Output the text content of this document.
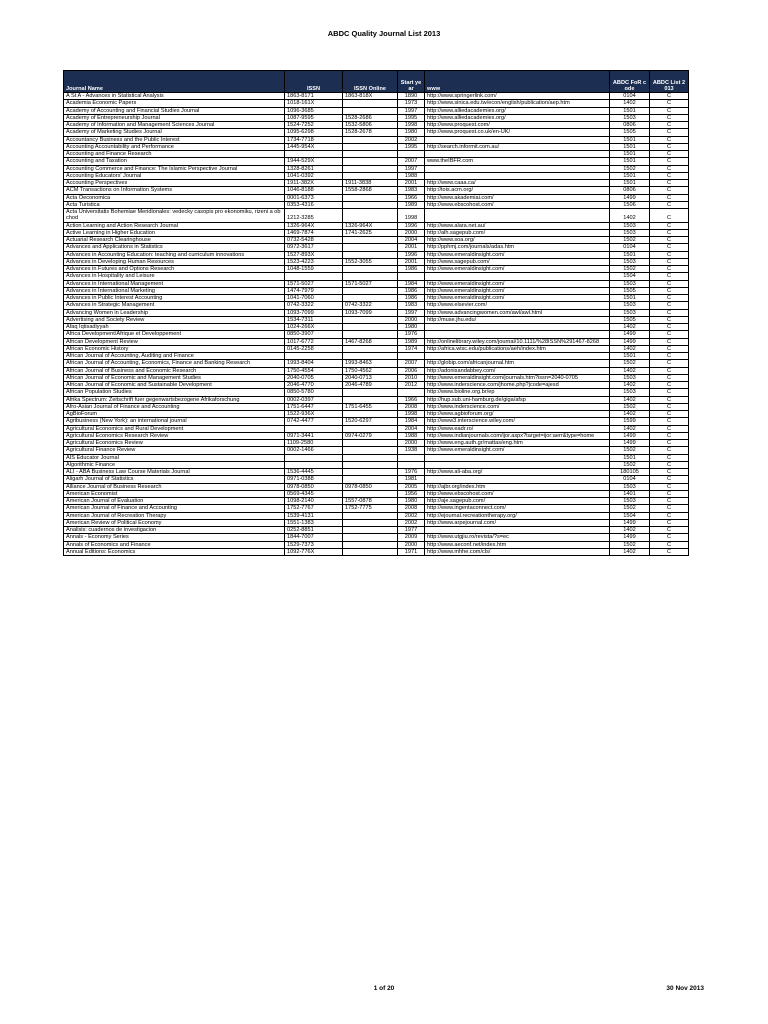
ABDC Quality Journal List 2013
Journal Name	ISSN	ISSN Online	Start year	www	ABDC FoR code	ABDC List 2013
A St A - Advances in Statistical Analysis	1863-8171	1863-818X	1890	http://www.springerlink.com/	0104	C
Academia Economic Papers	1018-161X		1973	http://www.sinica.edu.tw/econ/english/publication/aep.htm	1402	C
Academy of Accounting and Financial Studies Journal	1096-3685		1997	http://www.alliedacademies.org/	1501	C
Academy of Entrepreneurship Journal	1087-9595	1528-2686	1995	http://www.alliedacademies.org/	1503	C
Academy of Information and Management Sciences Journal	1524-7252	1532-5806	1998	http://www.proquest.com/	0806	C
Academy of Marketing Studies Journal	1095-6298	1528-2678	1980	http://www.proquest.co.uk/en-UK/	1505	C
Accountancy Business and the Public Interest	1734-7718		2002		1501	C
Accounting Accountability and Performance	1445-954X		1995	http://search.informit.com.au/	1501	C
Accounting and Finance Research					1501	C
Accounting and Taxation	1944-529X		2007	www.theIBFR.com	1501	C
Accounting Commerce and Finance: The Islamic Perspective Journal	1328-8261		1997		1502	C
Accounting Educators' Journal	1041-0392		1988		1501	C
Accounting Perspectives	1911-382X	1911-3838	2001	http://www.caaa.ca/	1501	C
ACM Transactions on Information Systems	1046-8188	1558-2868	1983	http://tois.acm.org/	0806	C
Acta Oeconomica	0001-6373		1966	http://www.akademiai.com/	1499	C
Acta Turistica	0353-4316		1989	http://www.ebscohost.com/	1506	C
Acta Universitatis Bohemiae Meridionales: vedecky casopis pro ekonomiku, rizeni a obchod	1212-3285		1998		1402	C
Action Learning and Action Research Journal	1326-964X	1326-964X	1996	http://www.alara.net.au/	1503	C
Active Learning in Higher Education	1469-7874	1741-2625	2000	http://alh.sagepub.com/	1503	C
Actuarial Research Clearinghouse	0732-5428		2004	http://www.soa.org/	1502	C
Advances and Applications in Statistics	0972-3617		2001	http://pphmj.com/journals/adas.htm	0104	C
Advances in Accounting Education: teaching and curriculum innovations	1527-893X		1996	http://www.emeraldinsight.com/	1501	C
Advances in Developing Human Resources	1523-4223	1552-3055	2001	http://www.sagepub.com/	1503	C
Advances in Futures and Options Research	1048-1559		1986	http://www.emeraldinsight.com/	1502	C
Advances in Hospitality and Leisure					1504	C
Advances in International Management	1571-5027	1571-5027	1984	http://www.emeraldinsight.com/	1503	C
Advances in International Marketing	1474-7979		1986	http://www.emeraldinsight.com/	1505	C
Advances in Public Interest Accounting	1041-7060		1986	http://www.emeraldinsight.com/	1501	C
Advances in Strategic Management	0742-3322	0742-3322	1983	http://www.elsevier.com/	1503	C
Advancing Women in Leadership	1093-7099	1093-7099	1997	http://www.advancingwomen.com/awl/awl.html	1503	C
Advertising and Society Review	1534-7311		2000	http://muse.jhu.edu/	1505	C
Afaq Iqtisadiyyah	1024-266X		1980		1402	C
Africa Development/Afrique et Developpement	0850-3907		1976		1499	C
African Development Review	1017-6772	1467-8268	1989	http://onlinelibrary.wiley.com/journal/10.1111/%28ISSN%291467-8268	1499	C
African Economic History	0145-2258		1974	http://africa.wisc.edu/publications/aeh/index.htm	1402	C
African Journal of Accounting, Auditing and Finance					1501	C
African Journal of Accounting, Economics, Finance and Banking Research	1993-8404	1993-8463	2007	http://globip.com/africanjournal.htm	1502	C
African Journal of Business and Economic Research	1750-4554	1750-4562	2006	http://adonisandabbey.com/	1402	C
African Journal of Economic and Management Studies	2040-0705	2040-0713	2010	http://www.emeraldinsight.com/journals.htm?issn=2040-0705	1503	C
African Journal of Economic and Sustainable Development	2046-4770	2046-4789	2012	http://www.inderscience.com/jhome.php?jcode=ajesd	1402	C
African Population Studies	0850-5780			http://www.bioline.org.br/ep	1503	C
Afrika Spectrum: Zeitschrift fuer gegenwartsbezogene Afrikaforschung	0002-0397		1966	http://hup.sub.uni-hamburg.de/giga/afsp	1402	C
Afro-Asian Journal of Finance and Accounting	1751-6447	1751-6455	2008	http://www.inderscience.com/	1502	C
AgBioForum	1522-936X		1998	http://www.agbioforum.org/	1402	C
Agribusiness (New York): an international journal	0742-4477	1520-6297	1984	http://www3.interscience.wiley.com/	1599	C
Agricultural Economics and Rural Development			2004	http://www.eadr.ro/	1402	C
Agricultural Economics Research Review	0971-3441	0974-0279	1988	http://www.indianjournals.com/ijor.aspx?target=ijor:aerr&type=home	1499	C
Agricultural Economics Review	1109-2580		2000	http://www.eng.auth.gr/mattas/eng.htm	1499	C
Agricultural Finance Review	0002-1466		1938	http://www.emeraldinsight.com/	1502	C
AIS Educator Journal					1501	C
Algorithmic Finance					1502	C
ALI - ABA Business Law Course Materials Journal	1536-4445		1976	http://www.ali-aba.org/	180105	C
Aligarh Journal of Statistics	0971-0388		1981		0104	C
Alliance Journal of Business Research	0978-0850	0978-0850	2005	http://ajbr.org/index.htm	1503	C
American Economist	0569-4345		1956	http://www.ebscohost.com/	1401	C
American Journal of Evaluation	1098-2140	1557-0878	1980	http://aje.sagepub.com/	1503	C
American Journal of Finance and Accounting	1752-7767	1752-7775	2008	http://www.ingentaconnect.com/	1502	C
American Journal of Recreation Therapy	1539-4131		2002	http://ejournal.recreationtherapy.org/	1504	C
American Review of Political Economy	1551-1383		2002	http://www.arpejournal.com/	1499	C
Analisis: cuadernos de investigacion	0252-8851		1977		1402	C
Annals - Economy Series	1844-7007		2009	http://www.utgjiu.ro/revista/?s=ec	1499	C
Annals of Economics and Finance	1529-7373		2000	http://www.aeconf.net/index.htm	1502	C
Annual Editions: Economics	1092-776X		1971	http://www.mhhe.com/cls/	1402	C
1 of 20	30 Nov 2013
